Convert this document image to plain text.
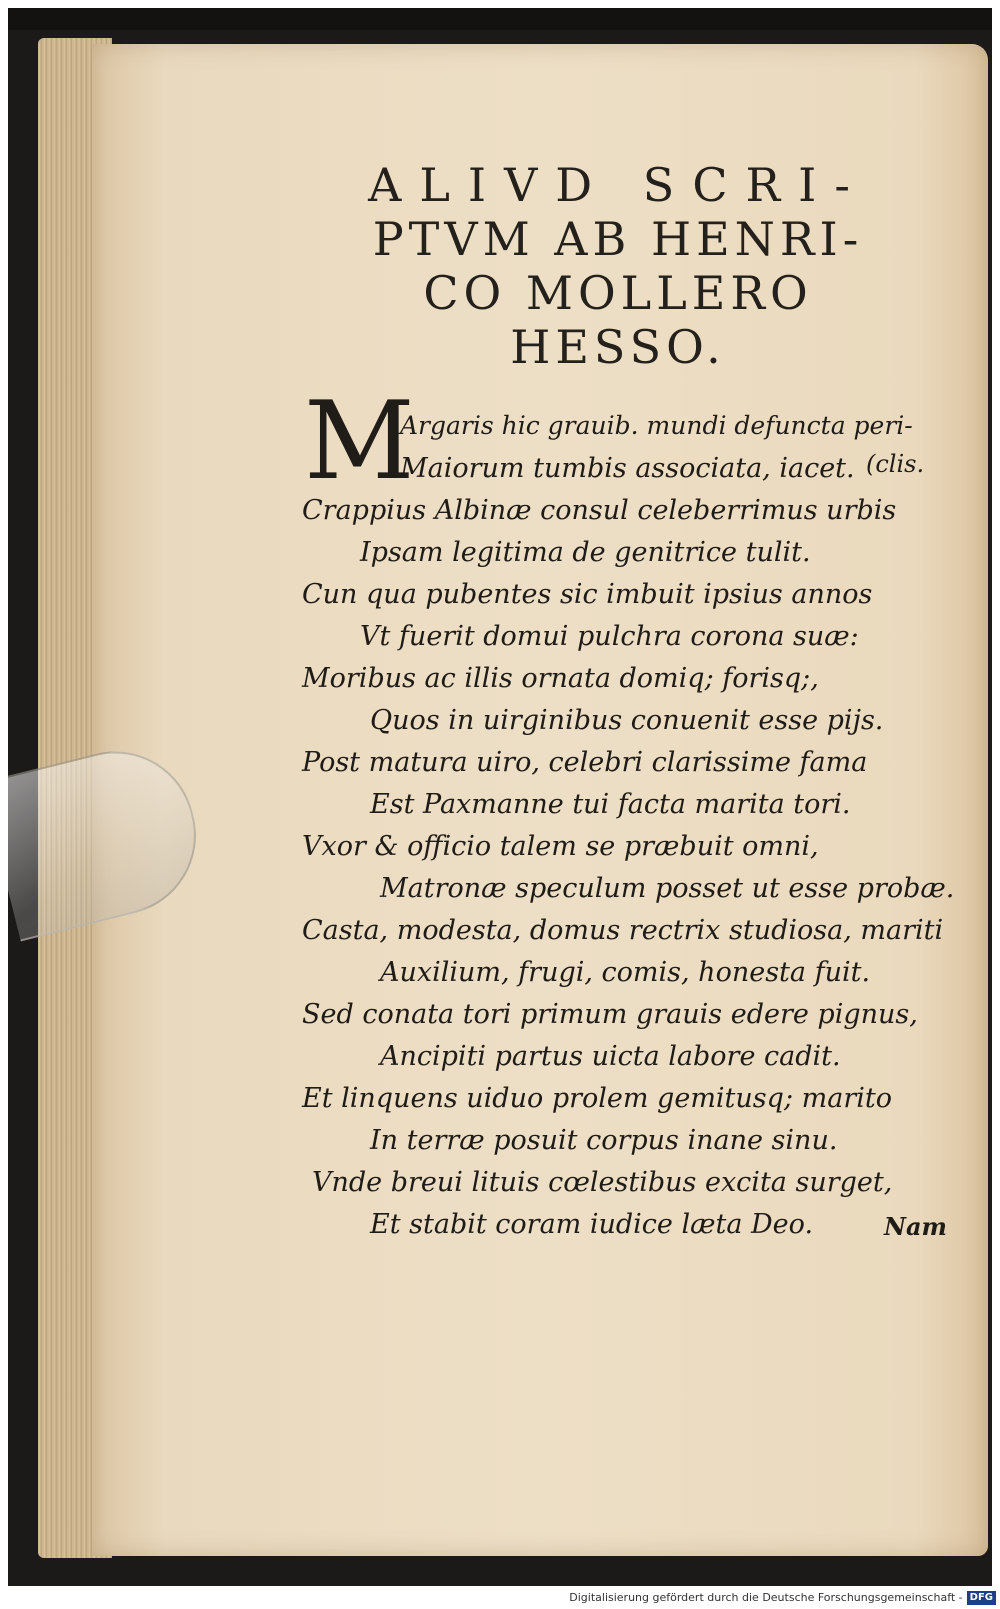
ALIVD SCRI-
PTVM AB HENRI-
CO MOLLERO
HESSO.
M	(clis.
Nam
Argaris hic grauib. mundi defuncta peri-
Maiorum tumbis associata, iacet.
Crappius Albinæ consul celeberrimus urbis
Ipsam legitima de genitrice tulit.
Cun qua pubentes sic imbuit ipsius annos
Vt fuerit domui pulchra corona suæ:
Moribus ac illis ornata domiq; forisq;,
Quos in uirginibus conuenit esse pijs.
Post matura uiro, celebri clarissime fama
Est Paxmanne tui facta marita tori.
Vxor & officio talem se præbuit omni,
Matronæ speculum posset ut esse probæ.
Casta, modesta, domus rectrix studiosa, mariti
Auxilium, frugi, comis, honesta fuit.
Sed conata tori primum grauis edere pignus,
Ancipiti partus uicta labore cadit.
Et linquens uiduo prolem gemitusq; marito
In terræ posuit corpus inane sinu.
Vnde breui lituis cœlestibus excita surget,
Et stabit coram iudice læta Deo.
Digitalisierung gefördert durch die Deutsche Forschungsgemeinschaft - DFG
